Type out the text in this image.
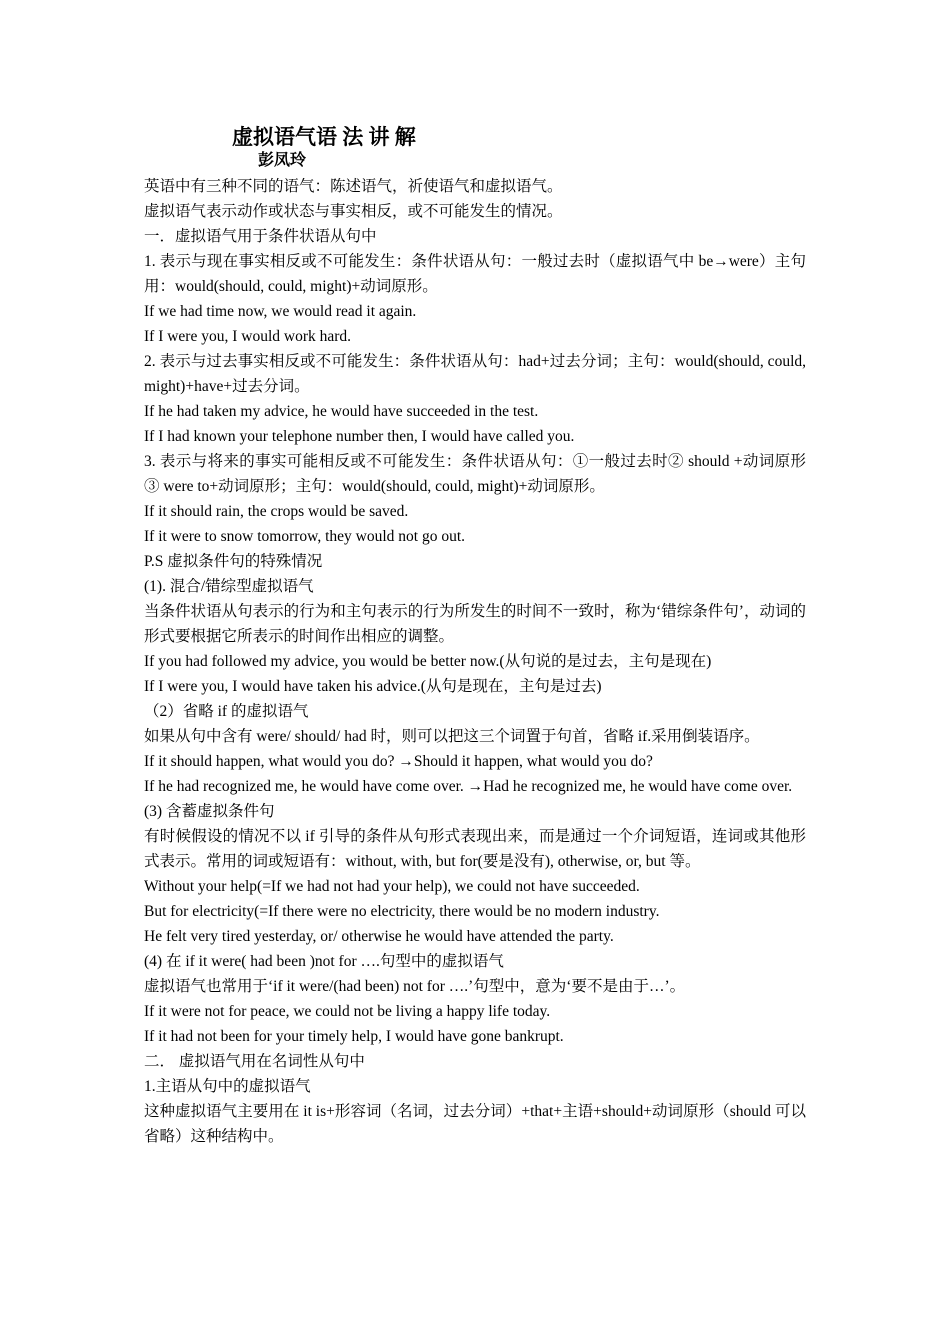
虚拟语气语 法 讲 解
彭凤玲
英语中有三种不同的语气：陈述语气，祈使语气和虚拟语气。
虚拟语气表示动作或状态与事实相反，或不可能发生的情况。
一．虚拟语气用于条件状语从句中
1. 表示与现在事实相反或不可能发生：条件状语从句：一般过去时（虚拟语气中 be→were）主句用：would(should, could, might)+动词原形。
If we had time now, we would read it again.
If I were you, I would work hard.
2. 表示与过去事实相反或不可能发生：条件状语从句：had+过去分词；主句：would(should, could, might)+have+过去分词。
If he had taken my advice, he would have succeeded in the test.
If I had known your telephone number then, I would have called you.
3. 表示与将来的事实可能相反或不可能发生：条件状语从句：①一般过去时② should +动词原形③ were to+动词原形；主句：would(should, could, might)+动词原形。
If it should rain, the crops would be saved.
If it were to snow tomorrow, they would not go out.
P.S 虚拟条件句的特殊情况
(1). 混合/错综型虚拟语气
当条件状语从句表示的行为和主句表示的行为所发生的时间不一致时，称为‘错综条件句’，动词的形式要根据它所表示的时间作出相应的调整。
If you had followed my advice, you would be better now.(从句说的是过去，主句是现在)
If I were you, I would have taken his advice.(从句是现在，主句是过去)
（2）省略 if 的虚拟语气
如果从句中含有 were/ should/ had 时，则可以把这三个词置于句首，省略 if.采用倒装语序。
If it should happen, what would you do? →Should it happen, what would you do?
If he had recognized me, he would have come over. →Had he recognized me, he would have come over.
(3) 含蓄虚拟条件句
有时候假设的情况不以 if 引导的条件从句形式表现出来，而是通过一个介词短语，连词或其他形式表示。常用的词或短语有：without, with, but for(要是没有), otherwise, or, but 等。
Without your help(=If we had not had your help), we could not have succeeded.
But for electricity(=If there were no electricity, there would be no modern industry.
He felt very tired yesterday, or/ otherwise he would have attended the party.
(4) 在 if it were( had been )not for ….句型中的虚拟语气
虚拟语气也常用于‘if it were/(had been) not for ….’句型中，意为‘要不是由于…’。
If it were not for peace, we could not be living a happy life today.
If it had not been for your timely help, I would have gone bankrupt.
二． 虚拟语气用在名词性从句中
1.主语从句中的虚拟语气
这种虚拟语气主要用在 it is+形容词（名词，过去分词）+that+主语+should+动词原形（should 可以省略）这种结构中。
